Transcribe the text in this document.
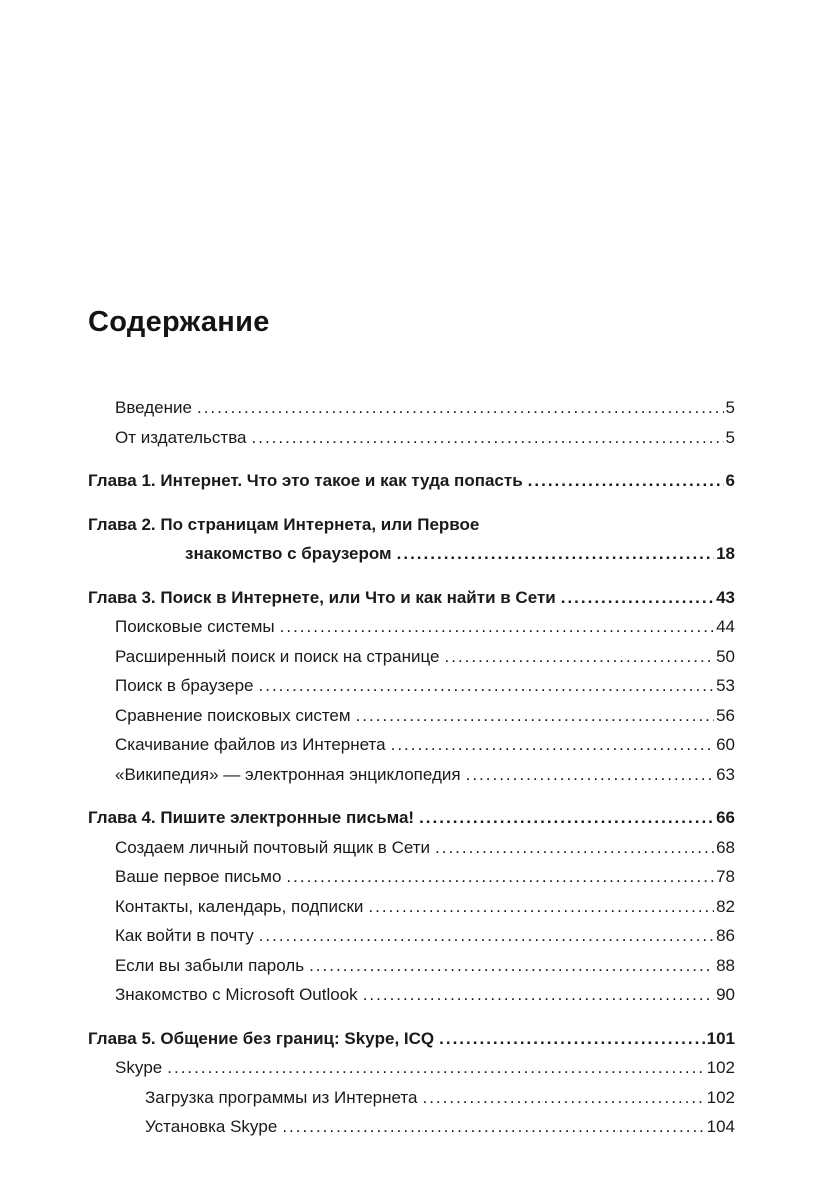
Содержание
Введение .....	5
От издательства .....	5
Глава 1. Интернет. Что это такое и как туда попасть .....	6
Глава 2. По страницам Интернета, или Первое
знакомство с браузером .....	18
Глава 3. Поиск в Интернете, или Что и как найти в Сети .....	43
Поисковые системы .....	44
Расширенный поиск и поиск на странице .....	50
Поиск в браузере .....	53
Сравнение поисковых систем .....	56
Скачивание файлов из Интернета .....	60
«Википедия» — электронная энциклопедия .....	63
Глава 4. Пишите электронные письма! .....	66
Создаем личный почтовый ящик в Сети .....	68
Ваше первое письмо .....	78
Контакты, календарь, подписки .....	82
Как войти в почту .....	86
Если вы забыли пароль .....	88
Знакомство с Microsoft Outlook .....	90
Глава 5. Общение без границ: Skype, ICQ .....	101
Skype .....	102
Загрузка программы из Интернета .....	102
Установка Skype .....	104
